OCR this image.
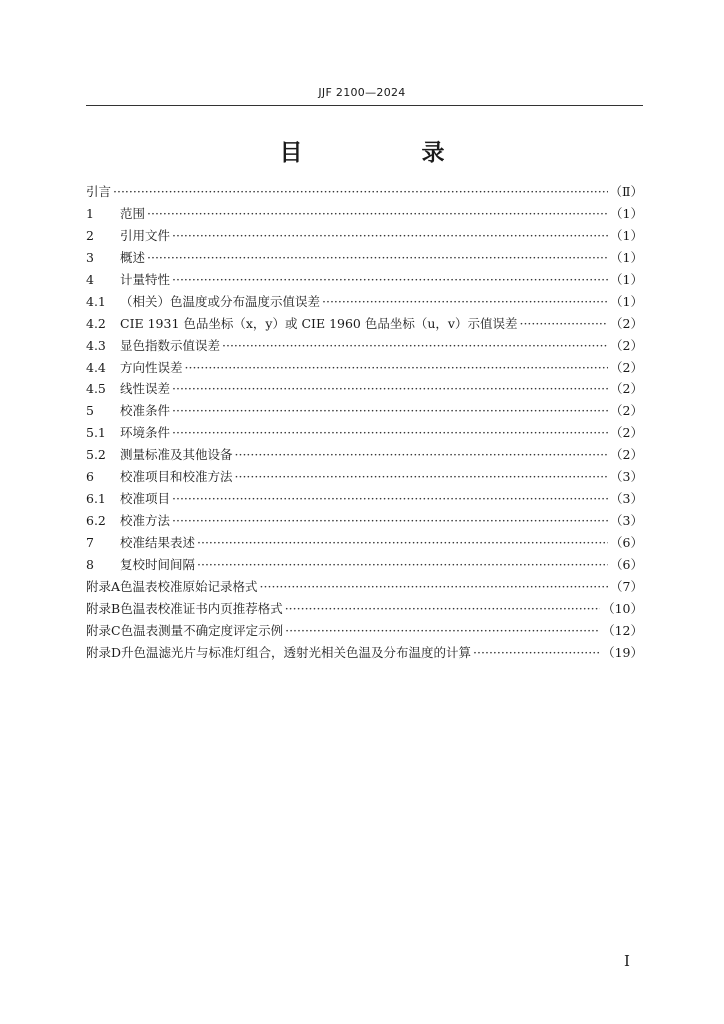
JJF 2100—2024
目　录
引言 ·····	（Ⅱ）
1 范围 ·····	（1）
2 引用文件 ·····	（1）
3 概述 ·····	（1）
4 计量特性 ·····	（1）
4.1 （相关）色温度或分布温度示值误差 ·····	（1）
4.2 CIE 1931 色品坐标（x，y）或 CIE 1960 色品坐标（u，v）示值误差 ·····	（2）
4.3 显色指数示值误差 ·····	（2）
4.4 方向性误差 ·····	（2）
4.5 线性误差 ·····	（2）
5 校准条件 ·····	（2）
5.1 环境条件 ·····	（2）
5.2 测量标准及其他设备 ·····	（2）
6 校准项目和校准方法 ·····	（3）
6.1 校准项目 ·····	（3）
6.2 校准方法 ·····	（3）
7 校准结果表述 ·····	（6）
8 复校时间间隔 ·····	（6）
附录A色温表校准原始记录格式 ·····	（7）
附录B色温表校准证书内页推荐格式 ·····	（10）
附录C色温表测量不确定度评定示例 ·····	（12）
附录D升色温滤光片与标准灯组合，透射光相关色温及分布温度的计算 ·····	（19）
Ⅰ
